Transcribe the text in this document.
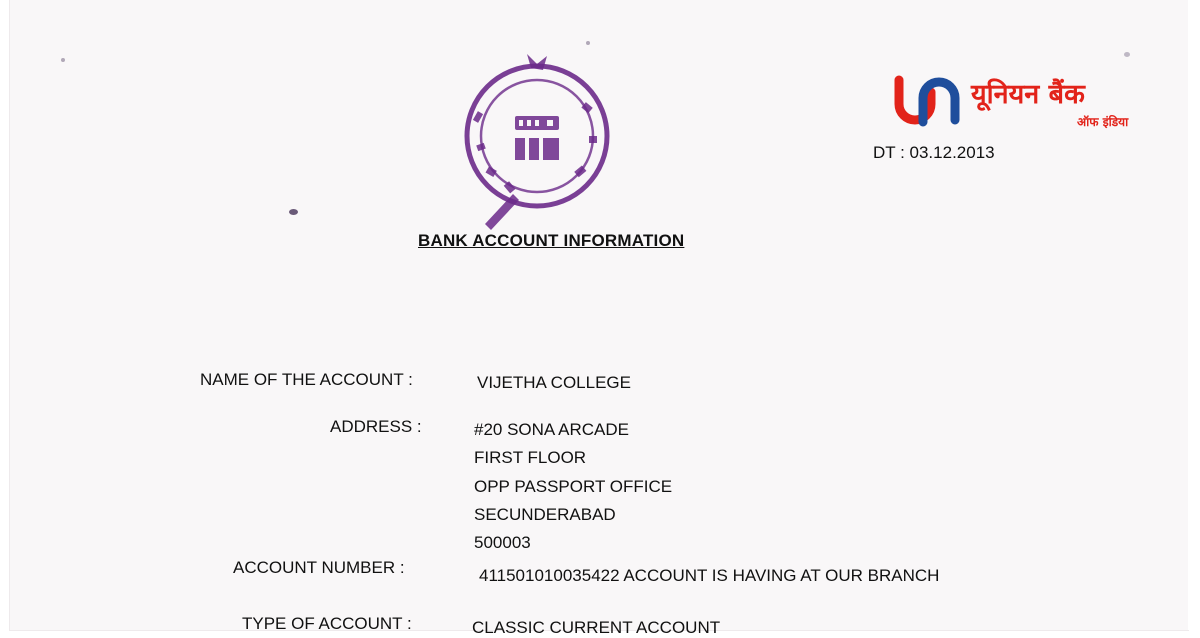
यूनियन बैंक
ऑफ इंडिया
DT : 03.12.2013
BANK ACCOUNT INFORMATION
NAME OF THE ACCOUNT :	VIJETHA COLLEGE
ADDRESS :	#20 SONA ARCADE
FIRST FLOOR
OPP PASSPORT OFFICE
SECUNDERABAD
500003
ACCOUNT NUMBER :	411501010035422 ACCOUNT IS HAVING AT OUR BRANCH
TYPE OF ACCOUNT :	CLASSIC CURRENT ACCOUNT
